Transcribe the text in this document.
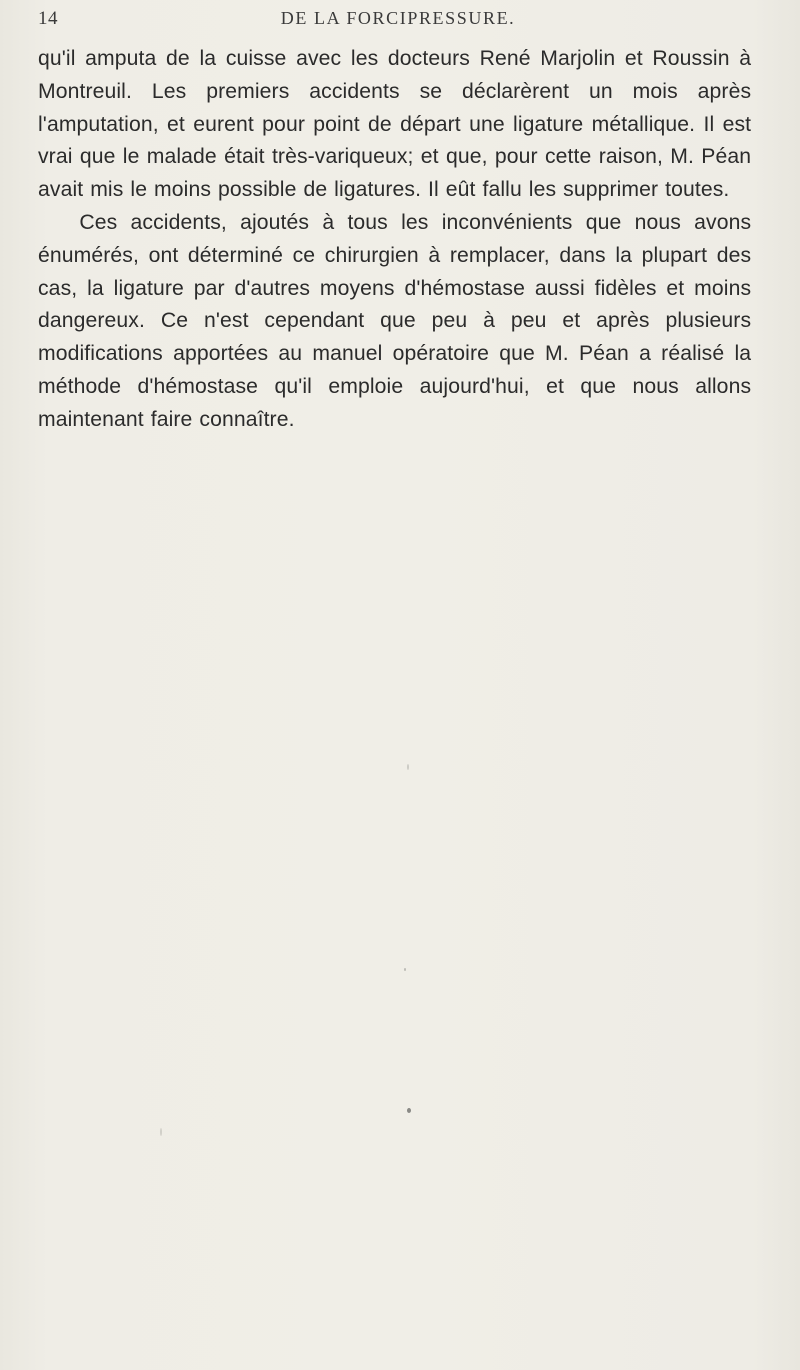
14	DE LA FORCIPRESSURE.

qu'il amputa de la cuisse avec les docteurs René Marjolin et Roussin à Montreuil. Les premiers accidents se déclarèrent un mois après l'amputation, et eurent pour point de départ une ligature métallique. Il est vrai que le malade était très-variqueux; et que, pour cette raison, M. Péan avait mis le moins possible de ligatures. Il eût fallu les supprimer toutes.

Ces accidents, ajoutés à tous les inconvénients que nous avons énumérés, ont déterminé ce chirurgien à remplacer, dans la plupart des cas, la ligature par d'autres moyens d'hémostase aussi fidèles et moins dangereux. Ce n'est cependant que peu à peu et après plusieurs modifications apportées au manuel opératoire que M. Péan a réalisé la méthode d'hémostase qu'il emploie aujourd'hui, et que nous allons maintenant faire connaître.
